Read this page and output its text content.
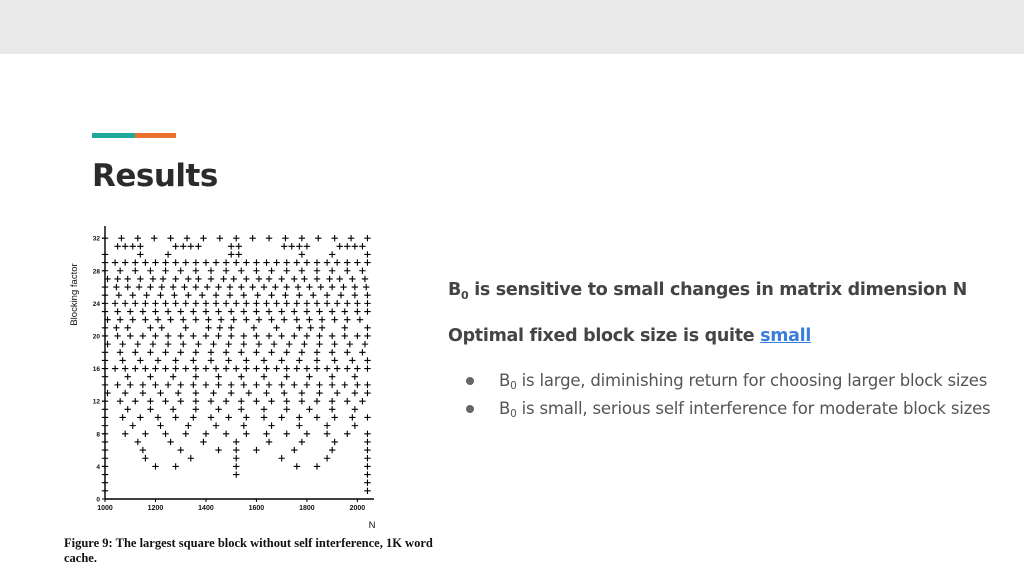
Results
0
4
8
12
16
20
24
28
32
1000	1200	1400	1600	1800	2000
Blocking factor
N
Figure 9: The largest square block without self interference, 1K word cache.
$B_0$ is sensitive to small changes in matrix dimension N
Optimal fixed block size is quite small
$B_0$ is large, diminishing return for choosing larger block sizes
$B_0$ is small, serious self interference for moderate block sizes
